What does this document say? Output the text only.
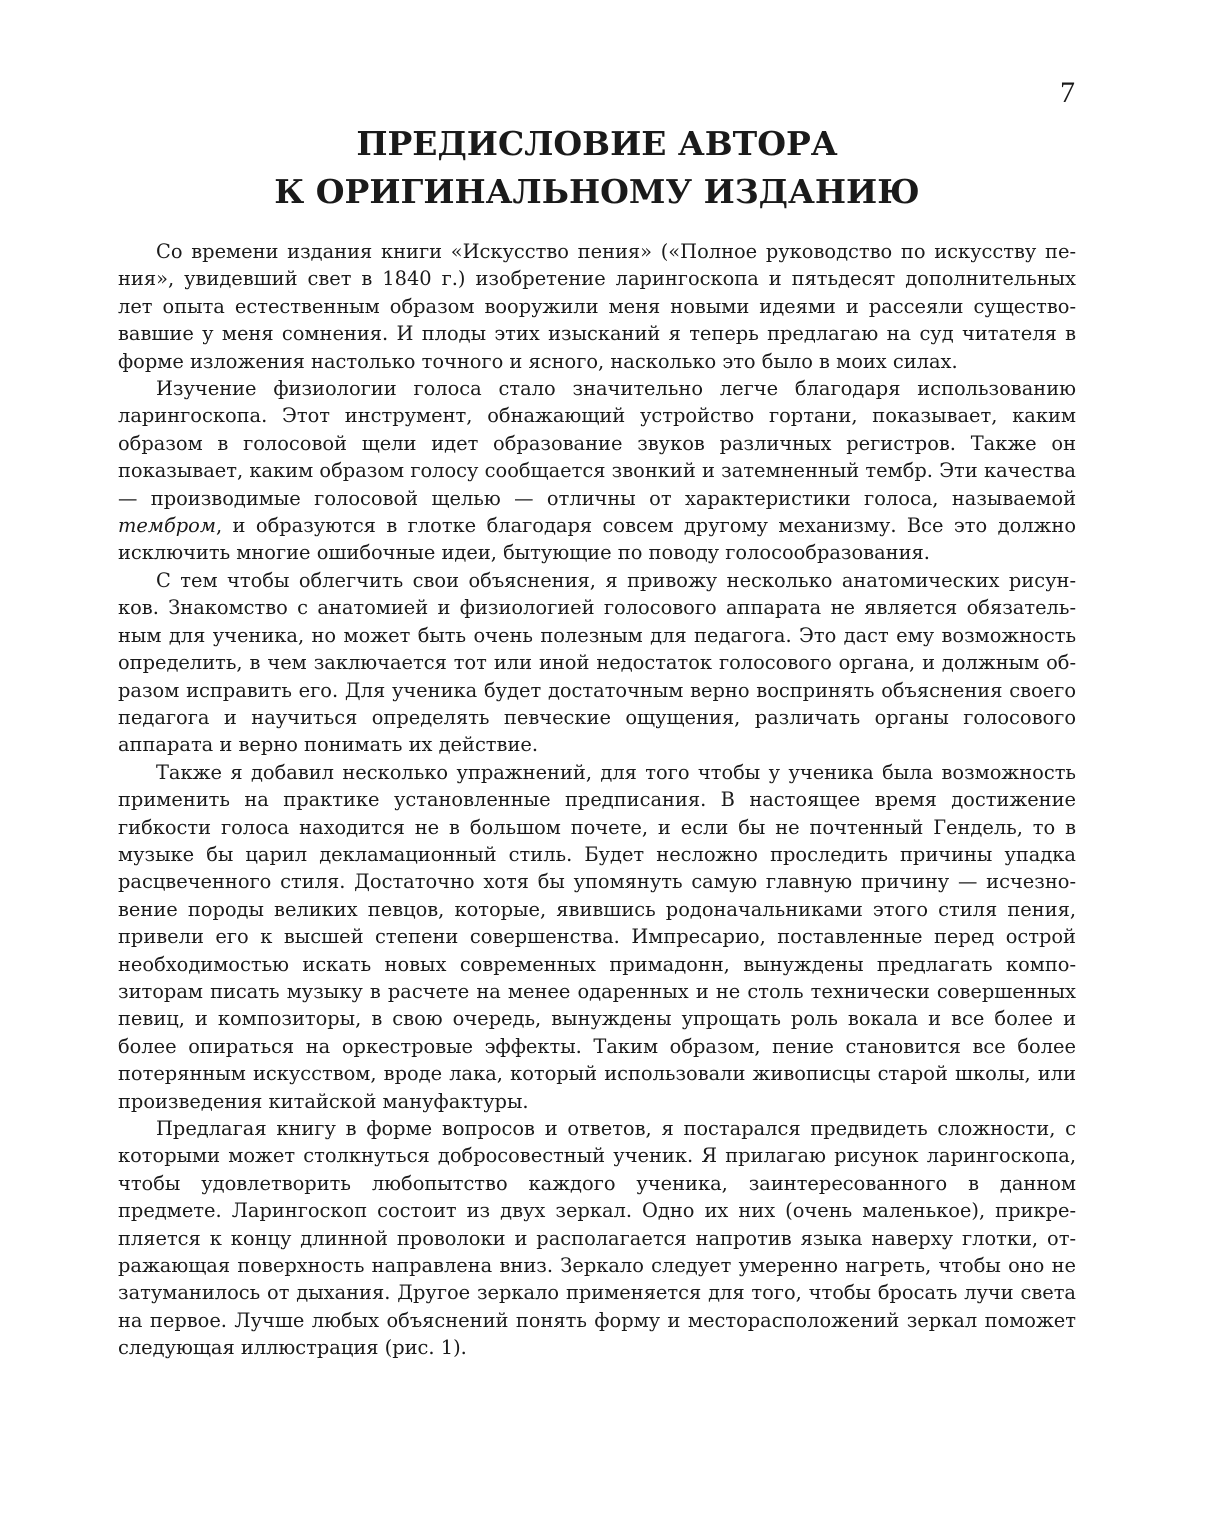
7
ПРЕДИСЛОВИЕ АВТОРА
К ОРИГИНАЛЬНОМУ ИЗДАНИЮ

Со времени издания книги «Искусство пения» («Полное руководство по искусству пения», увидевший свет в 1840 г.) изобретение ларингоскопа и пятьдесят дополнительных лет опыта естественным образом вооружили меня новыми идеями и рассеяли существовавшие у меня сомнения. И плоды этих изысканий я теперь предлагаю на суд читателя в форме изложения настолько точного и ясного, насколько это было в моих силах.

Изучение физиологии голоса стало значительно легче благодаря использованию ларингоскопа. Этот инструмент, обнажающий устройство гортани, показывает, каким образом в голосовой щели идет образование звуков различных регистров. Также он показывает, каким образом голосу сообщается звонкий и затемненный тембр. Эти качества — производимые голосовой щелью — отличны от характеристики голоса, называемой тембром, и образуются в глотке благодаря совсем другому механизму. Все это должно исключить многие ошибочные идеи, бытующие по поводу голосообразования.

С тем чтобы облегчить свои объяснения, я привожу несколько анатомических рисунков. Знакомство с анатомией и физиологией голосового аппарата не является обязательным для ученика, но может быть очень полезным для педагога. Это даст ему возможность определить, в чем заключается тот или иной недостаток голосового органа, и должным образом исправить его. Для ученика будет достаточным верно воспринять объяснения своего педагога и научиться определять певческие ощущения, различать органы голосового аппарата и верно понимать их действие.

Также я добавил несколько упражнений, для того чтобы у ученика была возможность применить на практике установленные предписания. В настоящее время достижение гибкости голоса находится не в большом почете, и если бы не почтенный Гендель, то в музыке бы царил декламационный стиль. Будет несложно проследить причины упадка расцвеченного стиля. Достаточно хотя бы упомянуть самую главную причину — исчезновение породы великих певцов, которые, явившись родоначальниками этого стиля пения, привели его к высшей степени совершенства. Импресарио, поставленные перед острой необходимостью искать новых современных примадонн, вынуждены предлагать композиторам писать музыку в расчете на менее одаренных и не столь технически совершенных певиц, и композиторы, в свою очередь, вынуждены упрощать роль вокала и все более и более опираться на оркестровые эффекты. Таким образом, пение становится все более потерянным искусством, вроде лака, который использовали живописцы старой школы, или произведения китайской мануфактуры.

Предлагая книгу в форме вопросов и ответов, я постарался предвидеть сложности, с которыми может столкнуться добросовестный ученик. Я прилагаю рисунок ларингоскопа, чтобы удовлетворить любопытство каждого ученика, заинтересованного в данном предмете. Ларингоскоп состоит из двух зеркал. Одно их них (очень маленькое), прикрепляется к концу длинной проволоки и располагается напротив языка наверху глотки, отражающая поверхность направлена вниз. Зеркало следует умеренно нагреть, чтобы оно не затуманилось от дыхания. Другое зеркало применяется для того, чтобы бросать лучи света на первое. Лучше любых объяснений понять форму и месторасположений зеркал поможет следующая иллюстрация (рис. 1).
